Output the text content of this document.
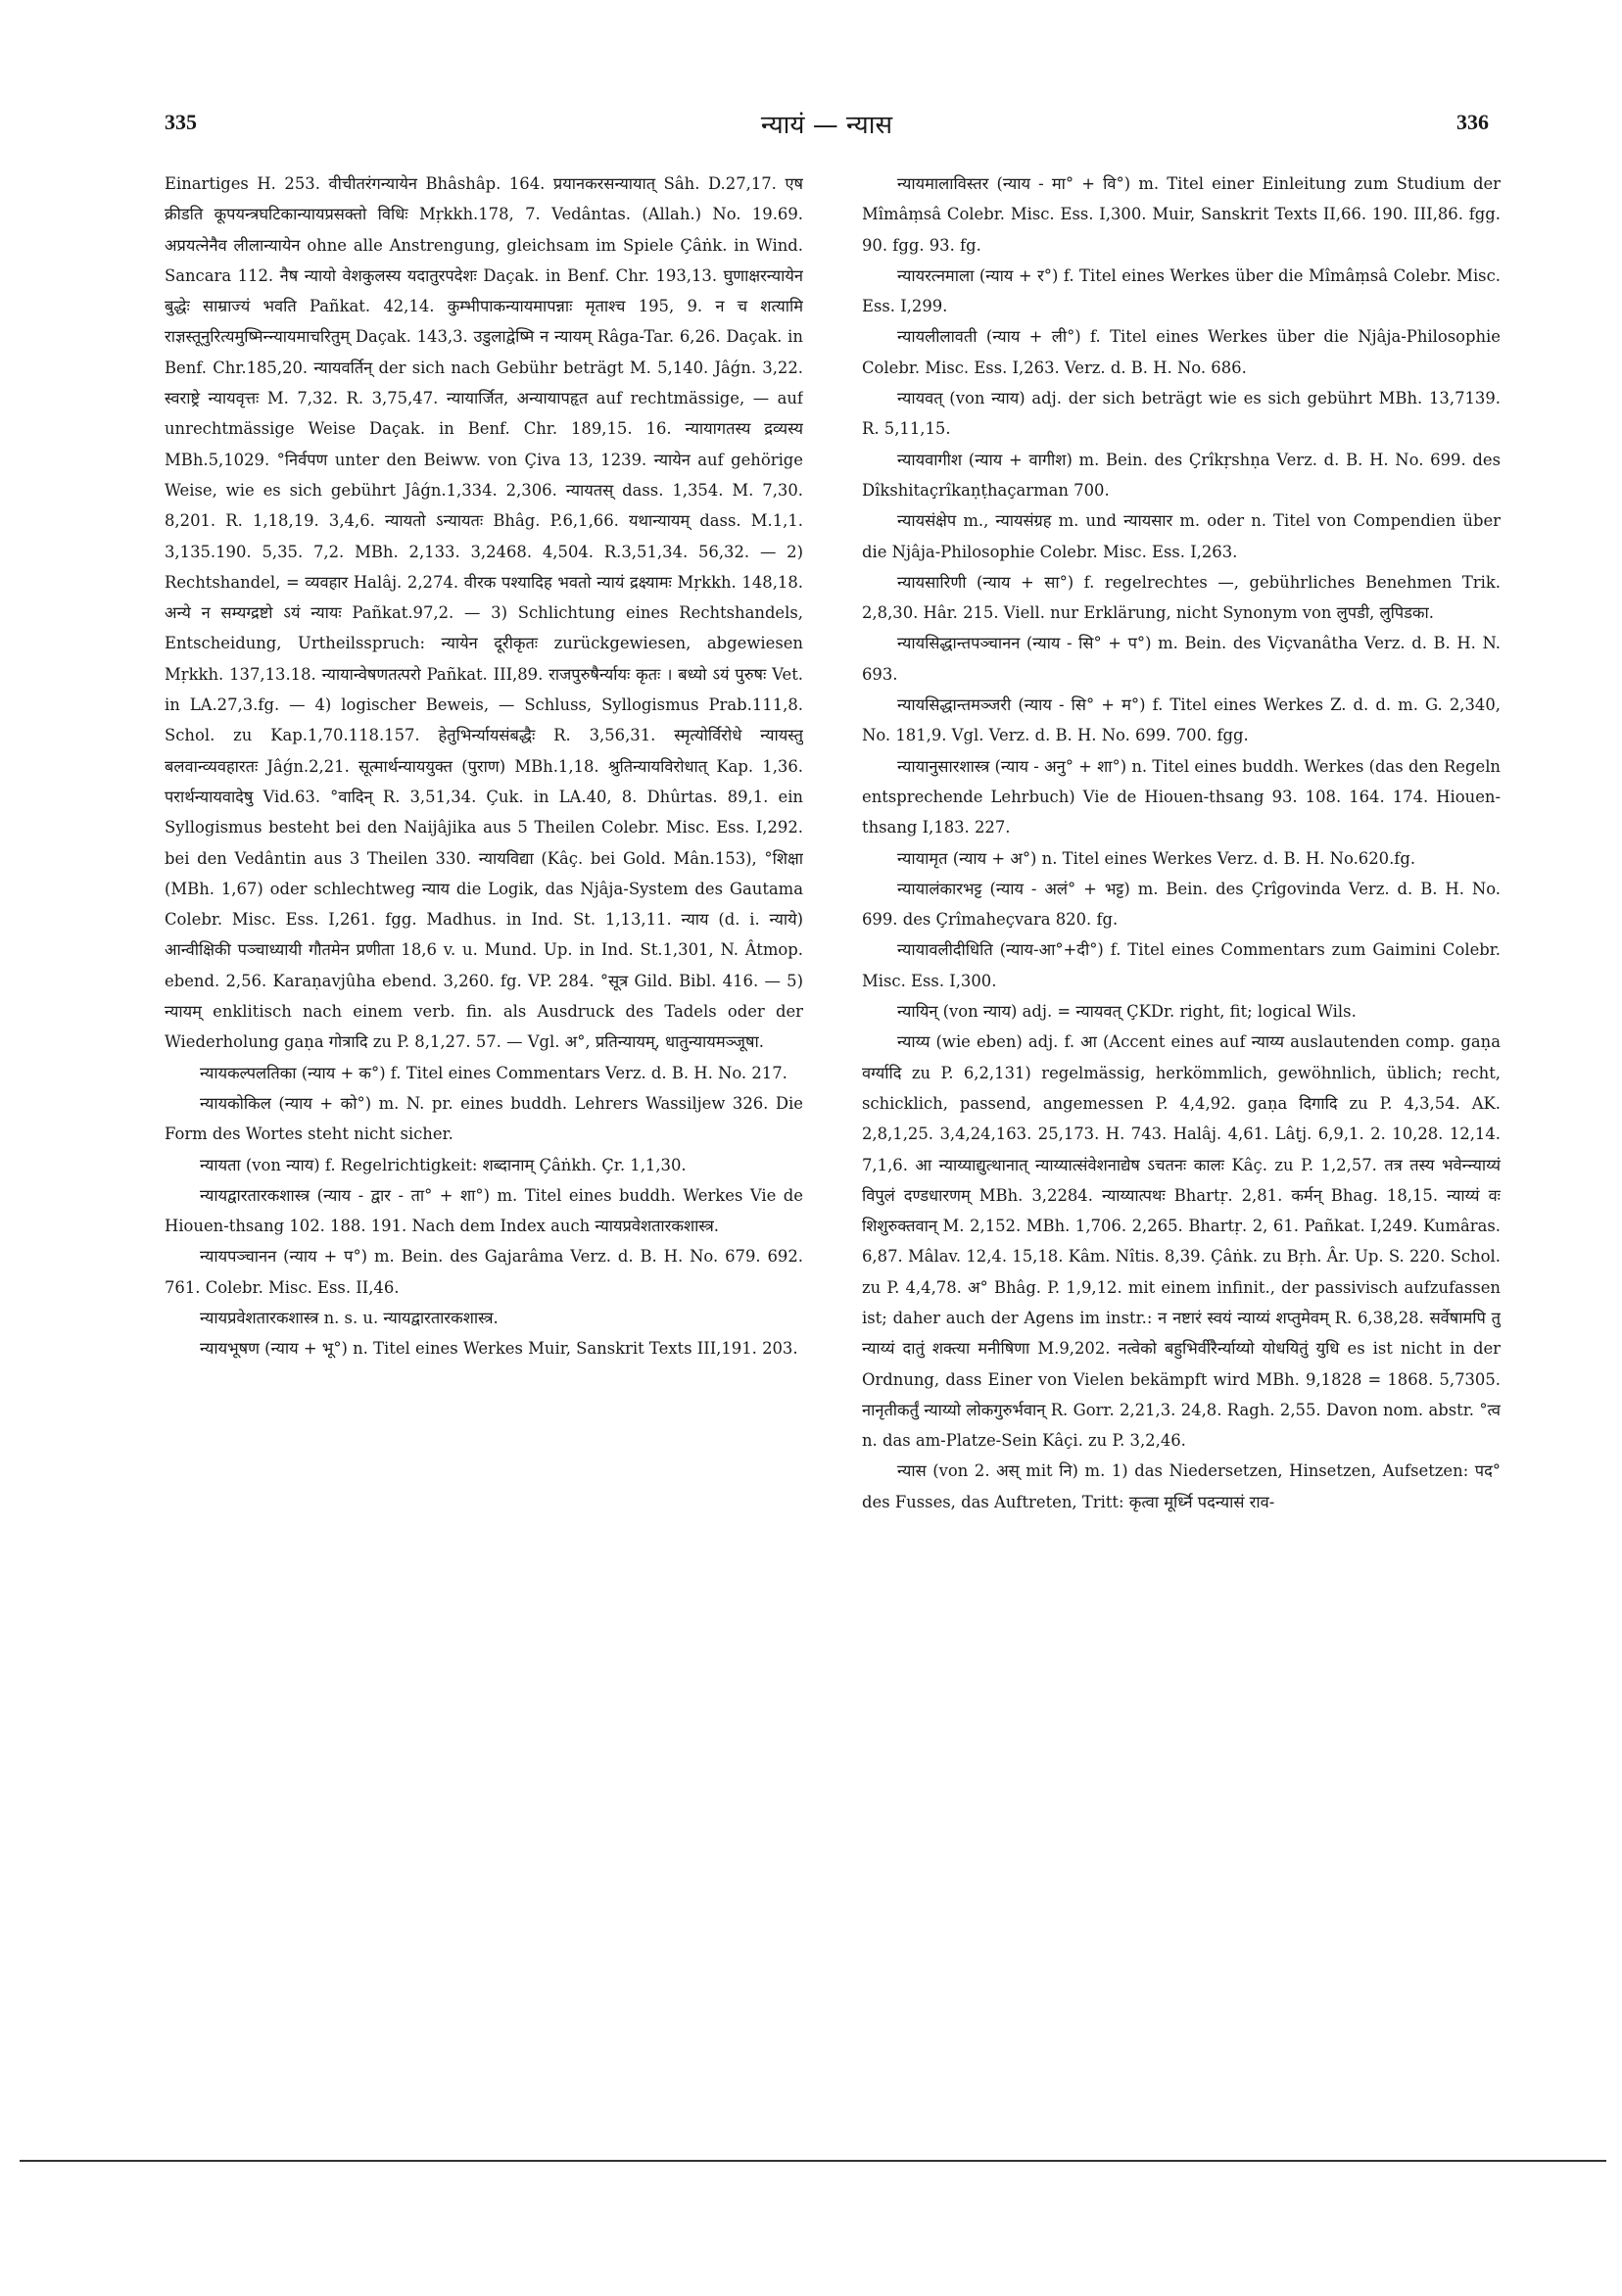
335	न्यायं — न्यास	336

Einartiges H. 253. वीचीतरंगन्यायेन Bhâshâp. 164. प्रयानकरसन्यायात् Sâh. D.27,17. एष क्रीडति कूपयन्त्रघटिकान्यायप्रसक्तो विधिः Mṛkkh.178, 7. Vedântas. (Allah.) No. 19.69. अप्रयत्नेनैव लीलान्यायेन ohne alle Anstrengung, gleichsam im Spiele Çâṅk. in Wind. Sancara 112. नैष न्यायो वेशकुलस्य यदातुरपदेशः Daçak. in Benf. Chr. 193,13. घुणाक्षरन्यायेन बुद्धेः साम्राज्यं भवति Pañkat. 42,14. कुम्भीपाकन्यायमापन्नाः मृताश्च 195, 9. न च शत्यामि राज्ञस्तूनुरित्यमुष्मिन्न्यायमाचरितुम् Daçak. 143,3. उडुलाद्वेष्मि न न्यायम् Râga-Tar. 6,26. Daçak. in Benf. Chr.185,20. न्यायवर्तिन् der sich nach Gebühr beträgt M. 5,140. Jâǵn. 3,22. स्वराष्ट्रे न्यायवृत्तः M. 7,32. R. 3,75,47. न्यायार्जित, अन्यायापहृत auf rechtmässige, — auf unrechtmässige Weise Daçak. in Benf. Chr. 189,15. 16. न्यायागतस्य द्रव्यस्य MBh.5,1029. °निर्वपण unter den Beiww. von Çiva 13, 1239. न्यायेन auf gehörige Weise, wie es sich gebührt Jâǵn.1,334. 2,306. न्यायतस् dass. 1,354. M. 7,30. 8,201. R. 1,18,19. 3,4,6. न्यायतो ऽन्यायतः Bhâg. P.6,1,66. यथान्यायम् dass. M.1,1. 3,135.190. 5,35. 7,2. MBh. 2,133. 3,2468. 4,504. R.3,51,34. 56,32. — 2) Rechtshandel, = व्यवहार Halâj. 2,274. वीरक पश्यादिह भवतो न्यायं द्रक्ष्यामः Mṛkkh. 148,18. अन्ये न सम्यग्द्रष्टो ऽयं न्यायः Pañkat.97,2. — 3) Schlichtung eines Rechtshandels, Entscheidung, Urtheilsspruch: न्यायेन दूरीकृतः zurückgewiesen, abgewiesen Mṛkkh. 137,13.18. न्यायान्वेषणतत्परो Pañkat. III,89. राजपुरुषैर्न्यायः कृतः । बध्यो ऽयं पुरुषः Vet. in LA.27,3.fg. — 4) logischer Beweis, — Schluss, Syllogismus Prab.111,8. Schol. zu Kap.1,70.118.157. हेतुभिर्न्यायसंबद्धैः R. 3,56,31. स्मृत्योर्विरोधे न्यायस्तु बलवान्व्यवहारतः Jâǵn.2,21. सूत्मार्थन्याययुक्त (पुराण) MBh.1,18. श्रुतिन्यायविरोधात् Kap. 1,36. परार्थन्यायवादेषु Vid.63. °वादिन् R. 3,51,34. Çuk. in LA.40, 8. Dhûrtas. 89,1. ein Syllogismus besteht bei den Naijâjika aus 5 Theilen Colebr. Misc. Ess. I,292. bei den Vedântin aus 3 Theilen 330. न्यायविद्या (Kâç. bei Gold. Mân.153), °शिक्षा (MBh. 1,67) oder schlechtweg न्याय die Logik, das Njâja-System des Gautama Colebr. Misc. Ess. I,261. fgg. Madhus. in Ind. St. 1,13,11. न्याय (d. i. न्याये) आन्वीक्षिकी पञ्चाध्यायी गौतमेन प्रणीता 18,6 v. u. Mund. Up. in Ind. St.1,301, N. Âtmop. ebend. 2,56. Karaṇavjûha ebend. 3,260. fg. VP. 284. °सूत्र Gild. Bibl. 416. — 5) न्यायम् enklitisch nach einem verb. fin. als Ausdruck des Tadels oder der Wiederholung gaṇa गोत्रादि zu P. 8,1,27. 57. — Vgl. अ°, प्रतिन्यायम्, धातुन्यायमञ्जूषा.

न्यायकल्पलतिका (न्याय + क°) f. Titel eines Commentars Verz. d. B. H. No. 217.

न्यायकोकिल (न्याय + को°) m. N. pr. eines buddh. Lehrers Wassiljew 326. Die Form des Wortes steht nicht sicher.

न्यायता (von न्याय) f. Regelrichtigkeit: शब्दानाम् Çâṅkh. Çr. 1,1,30.

न्यायद्वारतारकशास्त्र (न्याय - द्वार - ता° + शा°) m. Titel eines buddh. Werkes Vie de Hiouen-thsang 102. 188. 191. Nach dem Index auch न्यायप्रवेशतारकशास्त्र.

न्यायपञ्चानन (न्याय + प°) m. Bein. des Gajarâma Verz. d. B. H. No. 679. 692. 761. Colebr. Misc. Ess. II,46.

न्यायप्रवेशतारकशास्त्र n. s. u. न्यायद्वारतारकशास्त्र.

न्यायभूषण (न्याय + भू°) n. Titel eines Werkes Muir, Sanskrit Texts III,191. 203.

न्यायमालाविस्तर (न्याय - मा° + वि°) m. Titel einer Einleitung zum Studium der Mîmâṃsâ Colebr. Misc. Ess. I,300. Muir, Sanskrit Texts II,66. 190. III,86. fgg. 90. fgg. 93. fg.

न्यायरत्नमाला (न्याय + र°) f. Titel eines Werkes über die Mîmâṃsâ Colebr. Misc. Ess. I,299.

न्यायलीलावती (न्याय + ली°) f. Titel eines Werkes über die Njâja-Philosophie Colebr. Misc. Ess. I,263. Verz. d. B. H. No. 686.

न्यायवत् (von न्याय) adj. der sich beträgt wie es sich gebührt MBh. 13,7139. R. 5,11,15.

न्यायवागीश (न्याय + वागीश) m. Bein. des Çrîkṛshṇa Verz. d. B. H. No. 699. des Dîkshitaçrîkaṇṭhaçarman 700.

न्यायसंक्षेप m., न्यायसंग्रह m. und न्यायसार m. oder n. Titel von Compendien über die Njâja-Philosophie Colebr. Misc. Ess. I,263.

न्यायसारिणी (न्याय + सा°) f. regelrechtes —, gebührliches Benehmen Trik. 2,8,30. Hâr. 215. Viell. nur Erklärung, nicht Synonym von लुपडी, लुपिडका.

न्यायसिद्धान्तपञ्चानन (न्याय - सि° + प°) m. Bein. des Viçvanâtha Verz. d. B. H. N. 693.

न्यायसिद्धान्तमञ्जरी (न्याय - सि° + म°) f. Titel eines Werkes Z. d. d. m. G. 2,340, No. 181,9. Vgl. Verz. d. B. H. No. 699. 700. fgg.

न्यायानुसारशास्त्र (न्याय - अनु° + शा°) n. Titel eines buddh. Werkes (das den Regeln entsprechende Lehrbuch) Vie de Hiouen-thsang 93. 108. 164. 174. Hiouen-thsang I,183. 227.

न्यायामृत (न्याय + अ°) n. Titel eines Werkes Verz. d. B. H. No.620.fg.

न्यायालंकारभट्ट (न्याय - अलं° + भट्ट) m. Bein. des Çrîgovinda Verz. d. B. H. No. 699. des Çrîmaheçvara 820. fg.

न्यायावलीदीधिति (न्याय-आ°+दी°) f. Titel eines Commentars zum Gaimini Colebr. Misc. Ess. I,300.

न्यायिन् (von न्याय) adj. = न्यायवत् ÇKDr. right, fit; logical Wils.

न्याय्य (wie eben) adj. f. आ (Accent eines auf न्याय्य auslautenden comp. gaṇa वर्ग्यादि zu P. 6,2,131) regelmässig, herkömmlich, gewöhnlich, üblich; recht, schicklich, passend, angemessen P. 4,4,92. gaṇa दिगादि zu P. 4,3,54. AK. 2,8,1,25. 3,4,24,163. 25,173. H. 743. Halâj. 4,61. Lâṭj. 6,9,1. 2. 10,28. 12,14. 7,1,6. आ न्याय्याद्युत्थानात् न्याय्यात्संवेशनाद्येष ऽचतनः कालः Kâç. zu P. 1,2,57. तत्र तस्य भवेन्न्याय्यं विपुलं दण्डधारणम् MBh. 3,2284. न्याय्यात्पथः Bhartṛ. 2,81. कर्मन् Bhag. 18,15. न्याय्यं वः शिशुरुक्तवान् M. 2,152. MBh. 1,706. 2,265. Bhartṛ. 2, 61. Pañkat. I,249. Kumâras. 6,87. Mâlav. 12,4. 15,18. Kâm. Nîtis. 8,39. Çâṅk. zu Bṛh. Âr. Up. S. 220. Schol. zu P. 4,4,78. अ° Bhâg. P. 1,9,12. mit einem infinit., der passivisch aufzufassen ist; daher auch der Agens im instr.: न नष्टारं स्वयं न्याय्यं शप्तुमेवम् R. 6,38,28. सर्वेषामपि तु न्याय्यं दातुं शक्त्या मनीषिणा M.9,202. नत्वेको बहुभिर्वीरैर्न्याय्यो योधयितुं युधि es ist nicht in der Ordnung, dass Einer von Vielen bekämpft wird MBh. 9,1828 = 1868. 5,7305. नानृतीकर्तुं न्याय्यो लोकगुरुर्भवान् R. Gorr. 2,21,3. 24,8. Ragh. 2,55. Davon nom. abstr. °त्व n. das am-Platze-Sein Kâçi. zu P. 3,2,46.

न्यास (von 2. अस् mit नि) m. 1) das Niedersetzen, Hinsetzen, Aufsetzen: पद° des Fusses, das Auftreten, Tritt: कृत्वा मूर्ध्नि पदन्यासं राव-
